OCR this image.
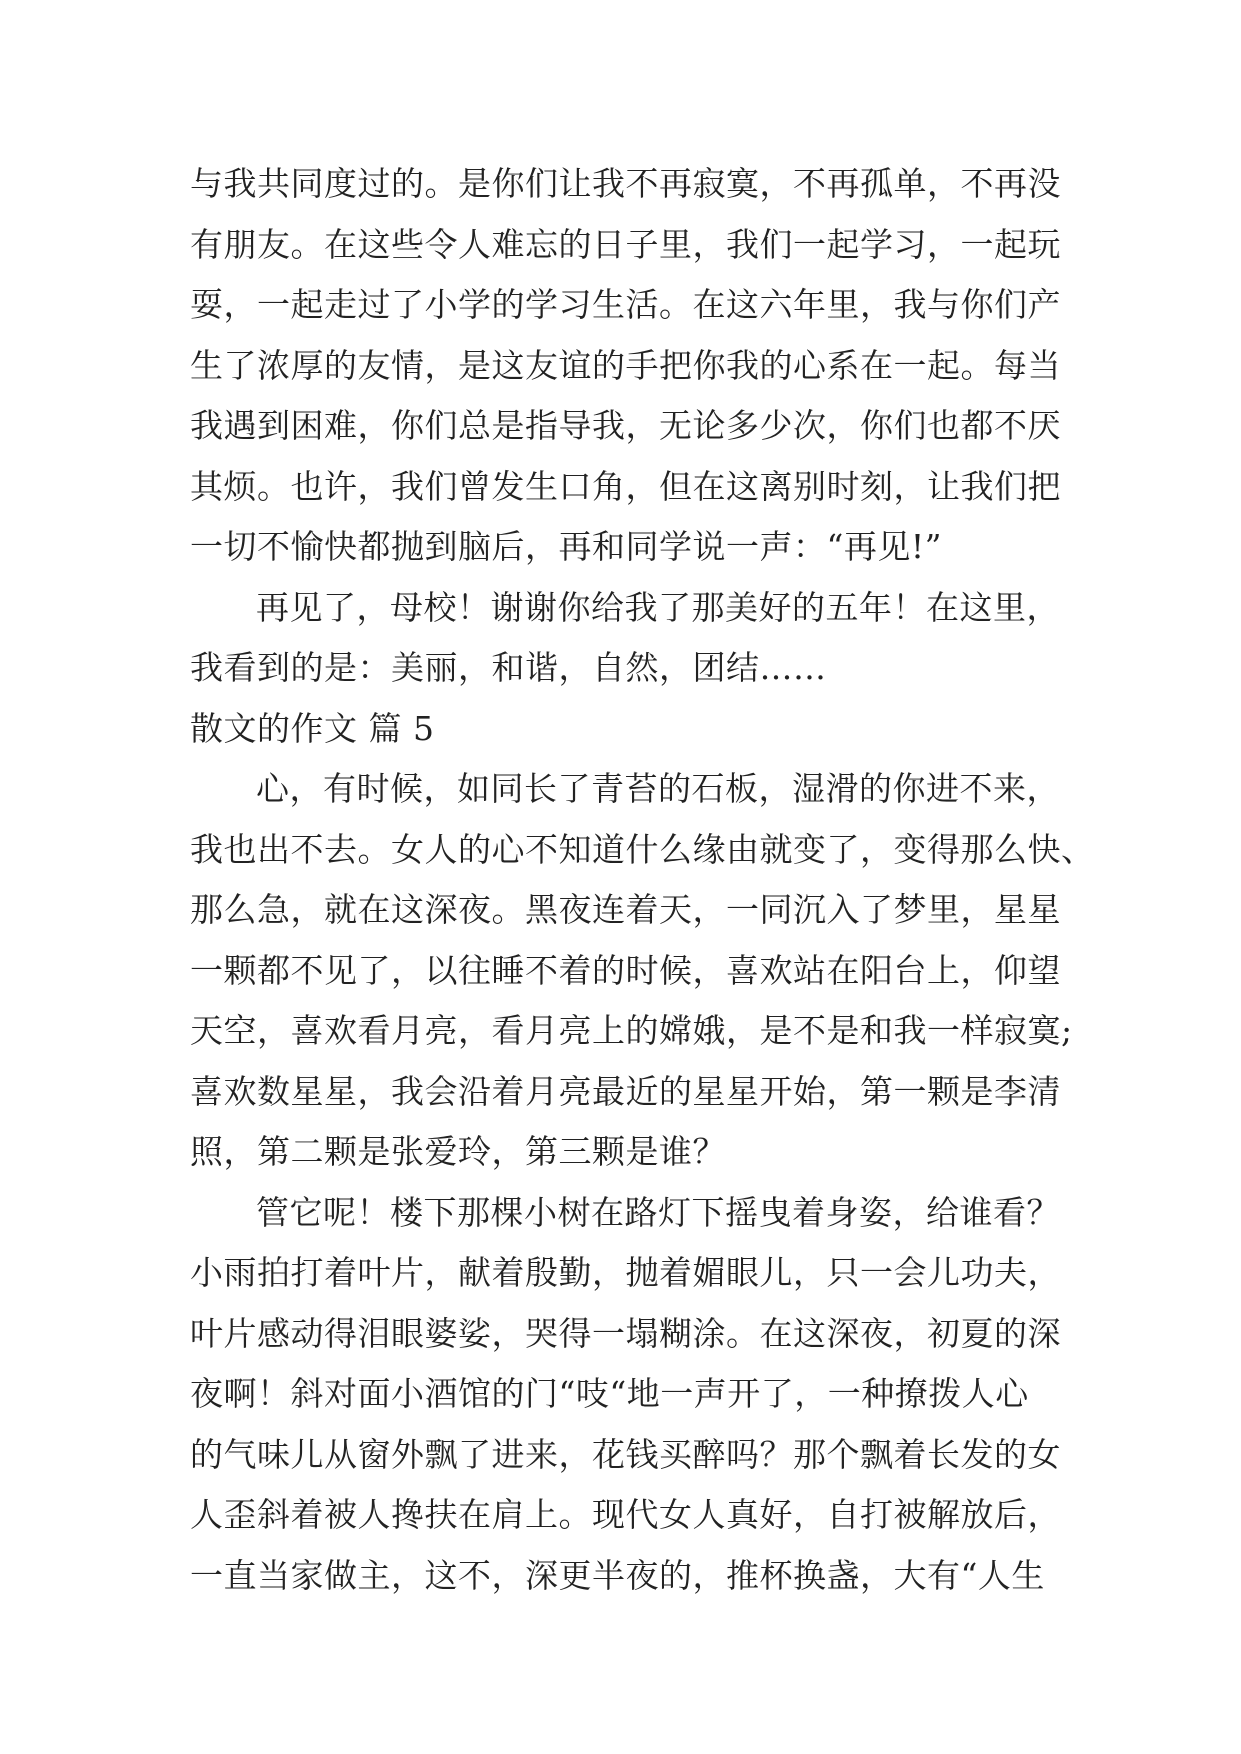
与我共同度过的。是你们让我不再寂寞，不再孤单，不再没
有朋友。在这些令人难忘的日子里，我们一起学习，一起玩
耍，一起走过了小学的学习生活。在这六年里，我与你们产
生了浓厚的友情，是这友谊的手把你我的心系在一起。每当
我遇到困难，你们总是指导我，无论多少次，你们也都不厌
其烦。也许，我们曾发生口角，但在这离别时刻，让我们把
一切不愉快都抛到脑后，再和同学说一声：“再见!”
再见了，母校！谢谢你给我了那美好的五年！在这里，
我看到的是：美丽，和谐，自然，团结……
散文的作文 篇 5
心，有时候，如同长了青苔的石板，湿滑的你进不来，
我也出不去。女人的心不知道什么缘由就变了，变得那么快、
那么急，就在这深夜。黑夜连着天，一同沉入了梦里，星星
一颗都不见了，以往睡不着的时候，喜欢站在阳台上，仰望
天空，喜欢看月亮，看月亮上的嫦娥，是不是和我一样寂寞;
喜欢数星星，我会沿着月亮最近的星星开始，第一颗是李清
照，第二颗是张爱玲，第三颗是谁？
管它呢！楼下那棵小树在路灯下摇曳着身姿，给谁看？
小雨拍打着叶片，献着殷勤，抛着媚眼儿，只一会儿功夫，
叶片感动得泪眼婆娑，哭得一塌糊涂。在这深夜，初夏的深
夜啊！斜对面小酒馆的门“吱“地一声开了，一种撩拨人心
的气味儿从窗外飘了进来，花钱买醉吗？那个飘着长发的女
人歪斜着被人搀扶在肩上。现代女人真好，自打被解放后，
一直当家做主，这不，深更半夜的，推杯换盏，大有“人生
